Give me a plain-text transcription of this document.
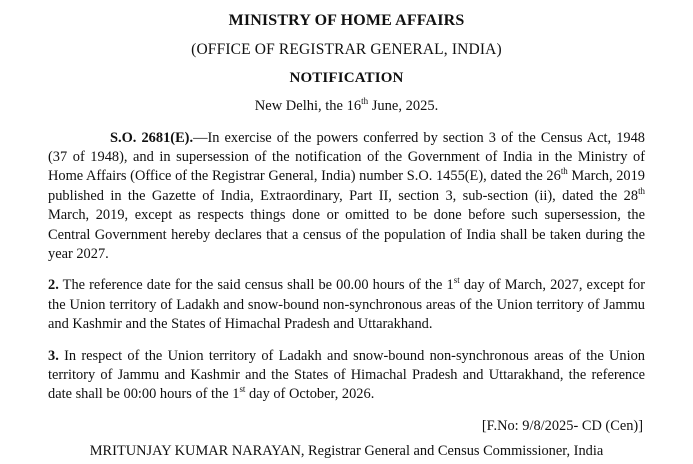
MINISTRY OF HOME AFFAIRS
(OFFICE OF REGISTRAR GENERAL, INDIA)
NOTIFICATION
New Delhi, the 16th June, 2025.

S.O. 2681(E).—In exercise of the powers conferred by section 3 of the Census Act, 1948 (37 of 1948), and in supersession of the notification of the Government of India in the Ministry of Home Affairs (Office of the Registrar General, India) number S.O. 1455(E), dated the 26th March, 2019 published in the Gazette of India, Extraordinary, Part II, section 3, sub-section (ii), dated the 28th March, 2019, except as respects things done or omitted to be done before such supersession, the Central Government hereby declares that a census of the population of India shall be taken during the year 2027.

2. The reference date for the said census shall be 00.00 hours of the 1st day of March, 2027, except for the Union territory of Ladakh and snow-bound non-synchronous areas of the Union territory of Jammu and Kashmir and the States of Himachal Pradesh and Uttarakhand.

3. In respect of the Union territory of Ladakh and snow-bound non-synchronous areas of the Union territory of Jammu and Kashmir and the States of Himachal Pradesh and Uttarakhand, the reference date shall be 00:00 hours of the 1st day of October, 2026.

[F.No: 9/8/2025- CD (Cen)]
MRITUNJAY KUMAR NARAYAN, Registrar General and Census Commissioner, India
